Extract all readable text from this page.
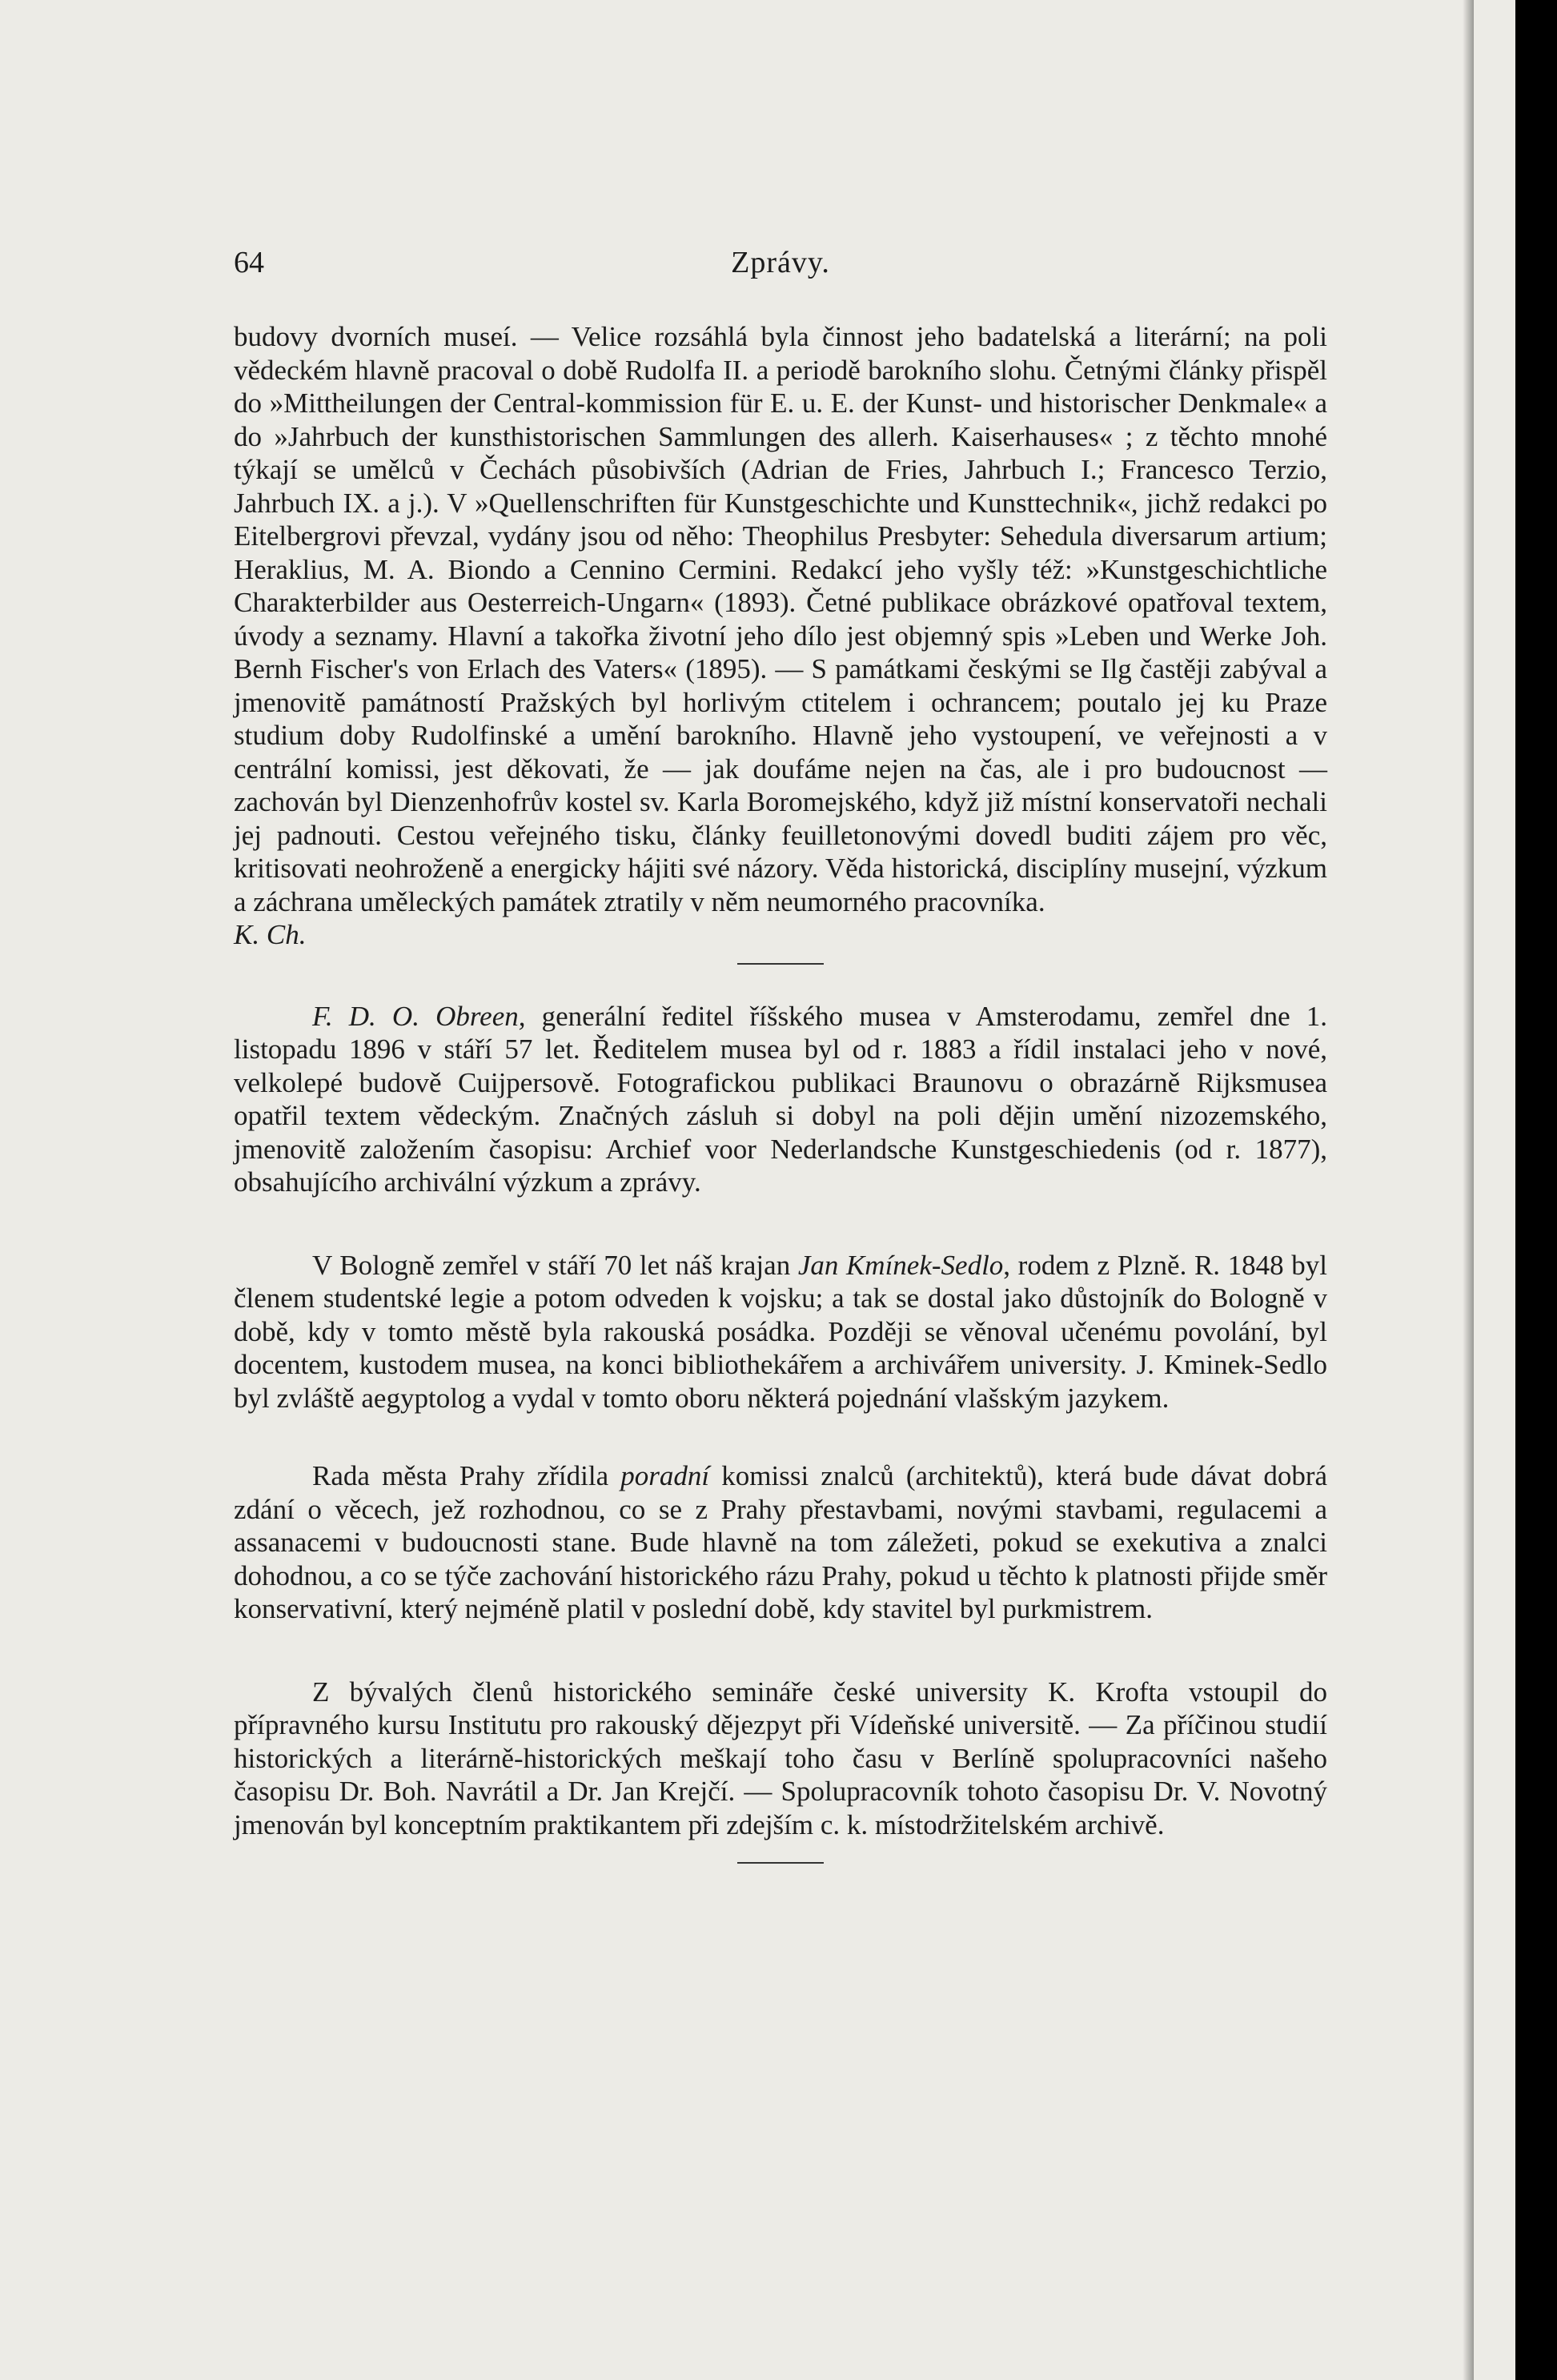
64	Zprávy.

budovy dvorních museí. — Velice rozsáhlá byla činnost jeho badatelská a literární; na poli vědeckém hlavně pracoval o době Rudolfa II. a periodě barokního slohu. Četnými články přispěl do »Mittheilungen der Central-kommission für E. u. E. der Kunst- und historischer Denkmale« a do »Jahrbuch der kunsthistorischen Sammlungen des allerh. Kaiserhauses« ; z těchto mnohé týkají se umělců v Čechách působivších (Adrian de Fries, Jahrbuch I.; Francesco Terzio, Jahrbuch IX. a j.). V »Quellenschriften für Kunstgeschichte und Kunsttechnik«, jichž redakci po Eitelbergrovi převzal, vydány jsou od něho: Theophilus Presbyter: Sehedula diversarum artium; Heraklius, M. A. Biondo a Cennino Cermini. Redakcí jeho vyšly též: »Kunstgeschichtliche Charakterbilder aus Oesterreich-Ungarn« (1893). Četné publikace obrázkové opatřoval textem, úvody a seznamy. Hlavní a takořka životní jeho dílo jest objemný spis »Leben und Werke Joh. Bernh Fischer's von Erlach des Vaters« (1895). — S památkami českými se Ilg častěji zabýval a jmenovitě památností Pražských byl horlivým ctitelem i ochrancem; poutalo jej ku Praze studium doby Rudolfinské a umění barokního. Hlavně jeho vystoupení, ve veřejnosti a v centrální komissi, jest děkovati, že — jak doufáme nejen na čas, ale i pro budoucnost — zachován byl Dienzenhofrův kostel sv. Karla Boromejského, když již místní konservatoři nechali jej padnouti. Cestou veřejného tisku, články feuilletonovými dovedl buditi zájem pro věc, kritisovati neohroženě a energicky hájiti své názory. Věda historická, disciplíny musejní, výzkum a záchrana uměleckých památek ztratily v něm neumorného pracovníka.

K. Ch.

F. D. O. Obreen, generální ředitel říšského musea v Amsterodamu, zemřel dne 1. listopadu 1896 v stáří 57 let. Ředitelem musea byl od r. 1883 a řídil instalaci jeho v nové, velkolepé budově Cuijpersově. Fotografickou publikaci Braunovu o obrazárně Rijksmusea opatřil textem vědeckým. Značných zásluh si dobyl na poli dějin umění nizozemského, jmenovitě založením časopisu: Archief voor Nederlandsche Kunstgeschiedenis (od r. 1877), obsahujícího archivální výzkum a zprávy.

V Bologně zemřel v stáří 70 let náš krajan Jan Kmínek-Sedlo, rodem z Plzně. R. 1848 byl členem studentské legie a potom odveden k vojsku; a tak se dostal jako důstojník do Bologně v době, kdy v tomto městě byla rakouská posádka. Později se věnoval učenému povolání, byl docentem, kustodem musea, na konci bibliothekářem a archivářem university. J. Kminek-Sedlo byl zvláště aegyptolog a vydal v tomto oboru některá pojednání vlašským jazykem.

Rada města Prahy zřídila poradní komissi znalců (architektů), která bude dávat dobrá zdání o věcech, jež rozhodnou, co se z Prahy přestavbami, novými stavbami, regulacemi a assanacemi v budoucnosti stane. Bude hlavně na tom záležeti, pokud se exekutiva a znalci dohodnou, a co se týče zachování historického rázu Prahy, pokud u těchto k platnosti přijde směr konservativní, který nejméně platil v poslední době, kdy stavitel byl purkmistrem.

Z bývalých členů historického semináře české university K. Krofta vstoupil do přípravného kursu Institutu pro rakouský dějezpyt při Vídeňské universitě. — Za příčinou studií historických a literárně-historických meškají toho času v Berlíně spolupracovníci našeho časopisu Dr. Boh. Navrátil a Dr. Jan Krejčí. — Spolupracovník tohoto časopisu Dr. V. Novotný jmenován byl konceptním praktikantem při zdejším c. k. místodržitelském archivě.
